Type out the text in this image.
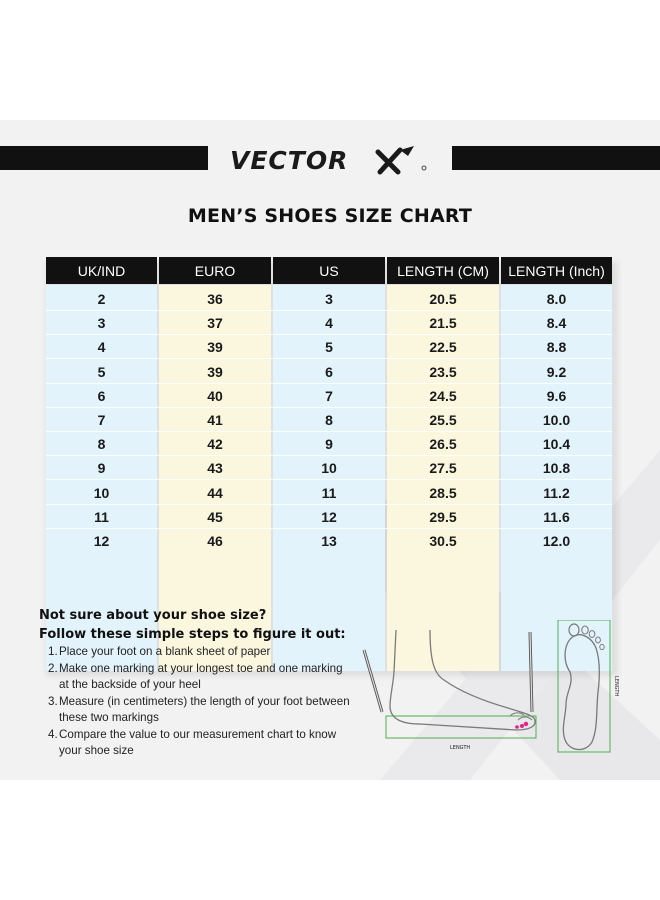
VECTOR
MEN’S SHOES SIZE CHART
UK/IND	EURO	US	LENGTH (CM)	LENGTH (Inch)
2	36	3	20.5	8.0
3	37	4	21.5	8.4
4	39	5	22.5	8.8
5	39	6	23.5	9.2
6	40	7	24.5	9.6
7	41	8	25.5	10.0
8	42	9	26.5	10.4
9	43	10	27.5	10.8
10	44	11	28.5	11.2
11	45	12	29.5	11.6
12	46	13	30.5	12.0
Not sure about your shoe size?
Follow these simple steps to figure it out:
1. Place your foot on a blank sheet of paper
2. Make one marking at your longest toe and one marking
at the backside of your heel
3. Measure (in centimeters) the length of your foot between
these two markings
4. Compare the value to our measurement chart to know
your shoe size	LENGTH
LENGTH
